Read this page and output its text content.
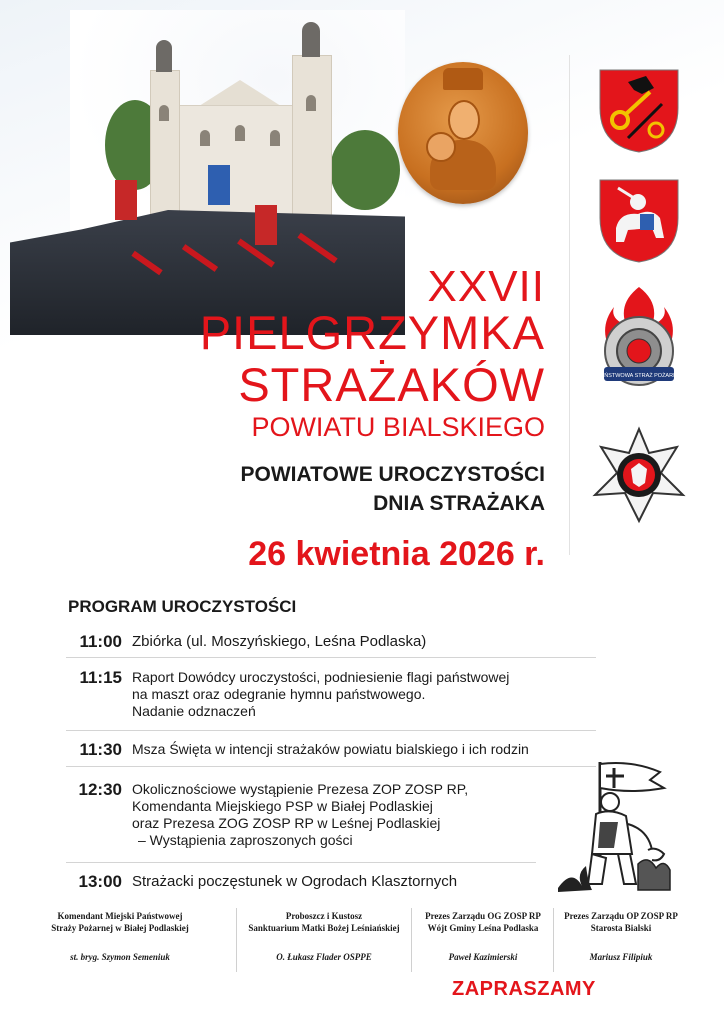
PAŃSTWOWA STRAŻ POŻARNA
XXVII
PIELGRZYMKA
STRAŻAKÓW
POWIATU BIALSKIEGO
POWIATOWE UROCZYSTOŚCI
DNIA STRAŻAKA
26 kwietnia 2026 r.
PROGRAM UROCZYSTOŚCI
11:00 Zbiórka (ul. Moszyńskiego, Leśna Podlaska)
11:15 Raport Dowódcy uroczystości, podniesienie flagi państwowej
na maszt oraz odegranie hymnu państwowego.
Nadanie odznaczeń
11:30 Msza Święta w intencji strażaków powiatu bialskiego i ich rodzin
12:30 Okolicznościowe wystąpienie Prezesa ZOP ZOSP RP,
Komendanta Miejskiego PSP w Białej Podlaskiej
oraz Prezesa ZOG ZOSP RP w Leśnej Podlaskiej
– Wystąpienia zaproszonych gości
13:00 Strażacki poczęstunek w Ogrodach Klasztornych
Komendant Miejski Państwowej
Straży Pożarnej w Białej Podlaskiej
st. bryg. Szymon Semeniuk
Proboszcz i Kustosz
Sanktuarium Matki Bożej Leśniańskiej
O. Łukasz Flader OSPPE
Prezes Zarządu OG ZOSP RP
Wójt Gminy Leśna Podlaska
Paweł Kazimierski
Prezes Zarządu OP ZOSP RP
Starosta Bialski
Mariusz Filipiuk
ZAPRASZAMY
